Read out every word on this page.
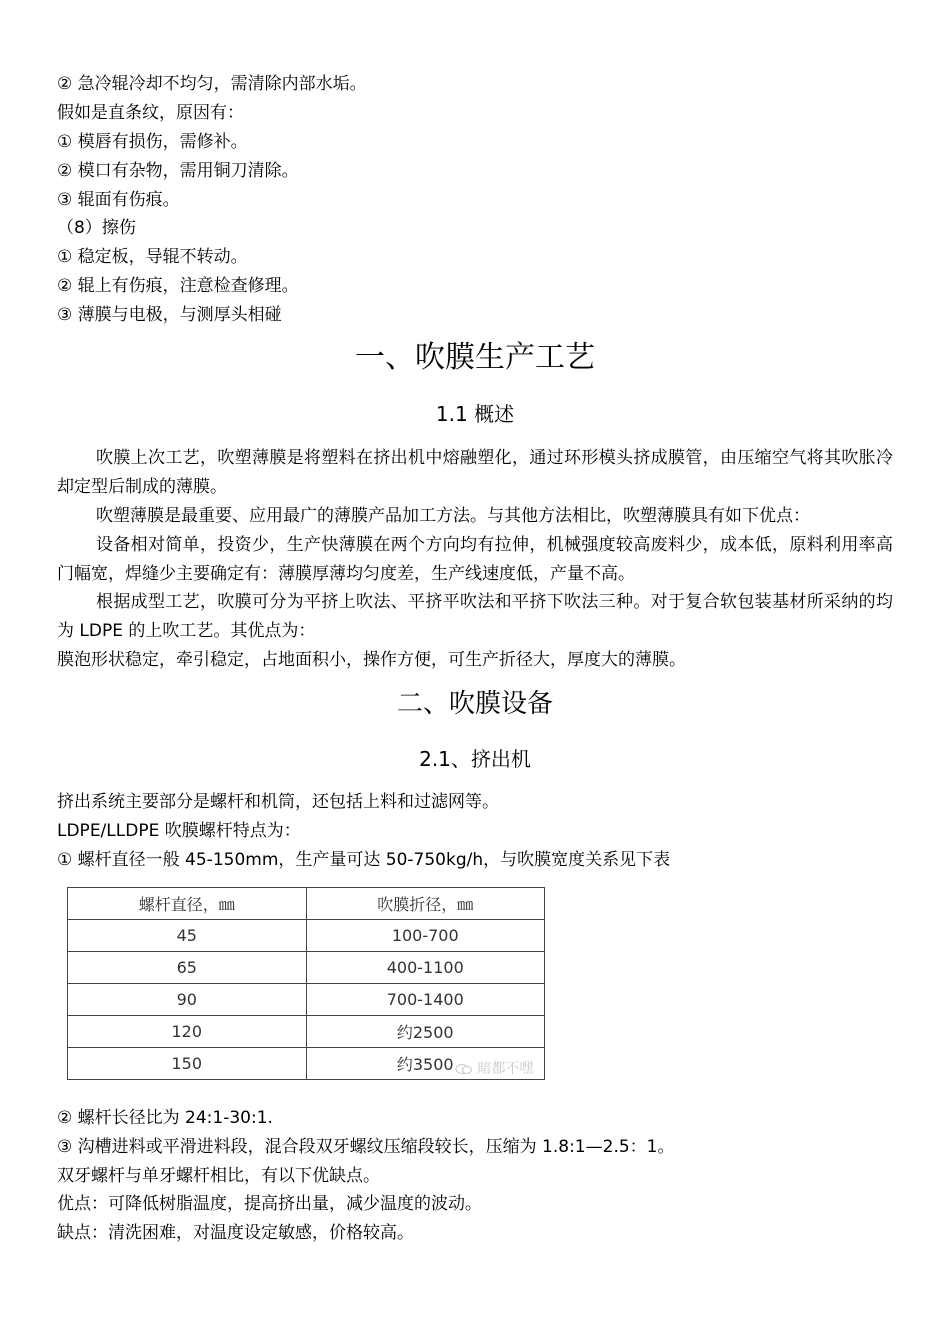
② 急冷辊冷却不均匀，需清除内部水垢。
假如是直条纹，原因有：
① 模唇有损伤，需修补。
② 模口有杂物，需用铜刀清除。
③ 辊面有伤痕。
（8）擦伤
① 稳定板，导辊不转动。
② 辊上有伤痕，注意检查修理。
③ 薄膜与电极，与测厚头相碰
一、吹膜生产工艺
1.1 概述
吹膜上次工艺，吹塑薄膜是将塑料在挤出机中熔融塑化，通过环形模头挤成膜管，由压缩空气将其吹胀冷却定型后制成的薄膜。
吹塑薄膜是最重要、应用最广的薄膜产品加工方法。与其他方法相比，吹塑薄膜具有如下优点：
设备相对简单，投资少，生产快薄膜在两个方向均有拉伸，机械强度较高废料少，成本低，原料利用率高门幅宽，焊缝少主要确定有：薄膜厚薄均匀度差，生产线速度低，产量不高。
根据成型工艺，吹膜可分为平挤上吹法、平挤平吹法和平挤下吹法三种。对于复合软包装基材所采纳的均为 LDPE 的上吹工艺。其优点为：
膜泡形状稳定，牵引稳定，占地面积小，操作方便，可生产折径大，厚度大的薄膜。
二、吹膜设备
2.1、挤出机
挤出系统主要部分是螺杆和机筒，还包括上料和过滤网等。
LDPE/LLDPE 吹膜螺杆特点为：
① 螺杆直径一般 45-150mm，生产量可达 50-750kg/h，与吹膜宽度关系见下表
螺杆直径，㎜	吹膜折径，㎜
45	100-700
65	400-1100
90	700-1400
120	约2500
150	约3500	暗都不嘿
② 螺杆长径比为 24:1-30:1.
③ 沟槽进料或平滑进料段，混合段双牙螺纹压缩段较长，压缩为 1.8:1—2.5：1。
双牙螺杆与单牙螺杆相比，有以下优缺点。
优点：可降低树脂温度，提高挤出量，减少温度的波动。
缺点：清洗困难，对温度设定敏感，价格较高。
